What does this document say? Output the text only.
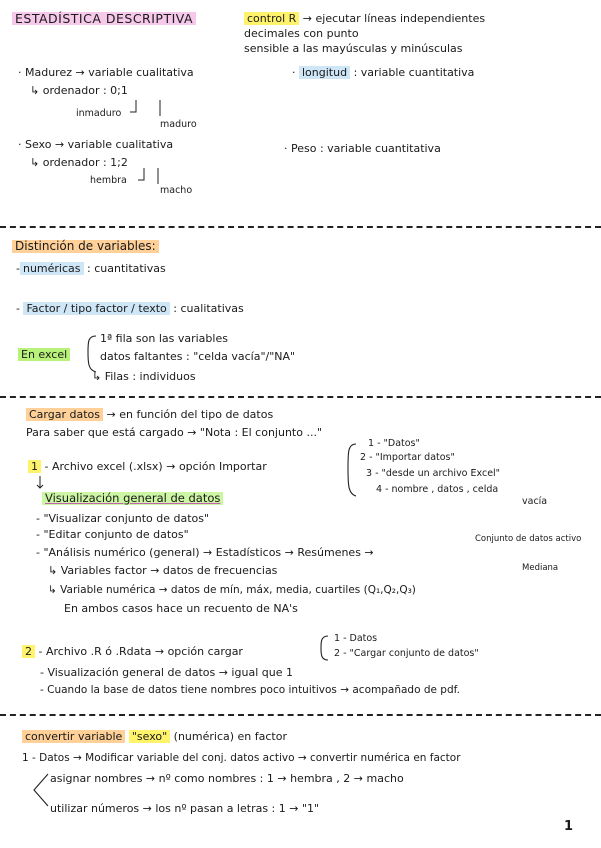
ESTADÍSTICA DESCRIPTIVA	control R → ejecutar líneas independientes
decimales con punto
sensible a las mayúsculas y minúsculas
· Madurez → variable cualitativa
↳ ordenador : 0;1
inmaduro
maduro
· longitud : variable cuantitativa
· Sexo → variable cualitativa
↳ ordenador : 1;2
hembra
macho
· Peso : variable cuantitativa
Distinción de variables:
- numéricas : cuantitativas
- Factor / tipo factor / texto : cualitativas
En excel
1ª fila son las variables
datos faltantes : "celda vacía"/"NA"
↳ Filas : individuos
Cargar datos → en función del tipo de datos
Para saber que está cargado → "Nota : El conjunto ..."
1 - Archivo excel (.xlsx) → opción Importar
1 - "Datos"
2 - "Importar datos"
3 - "desde un archivo Excel"
4 - nombre , datos , celda
vacía
Visualización general de datos
- "Visualizar conjunto de datos"
- "Editar conjunto de datos"
- "Análisis numérico (general) → Estadísticos → Resúmenes →
Conjunto de datos activo
↳ Variables factor → datos de frecuencias	Mediana
↳ Variable numérica → datos de mín, máx, media, cuartiles (Q₁,Q₂,Q₃)
En ambos casos hace un recuento de NA's
2 - Archivo .R ó .Rdata → opción cargar
1 - Datos
2 - "Cargar conjunto de datos"
- Visualización general de datos → igual que 1
- Cuando la base de datos tiene nombres poco intuitivos → acompañado de pdf.
convertir variable "sexo" (numérica) en factor
1 - Datos → Modificar variable del conj. datos activo → convertir numérica en factor
asignar nombres → nº como nombres : 1 → hembra , 2 → macho
utilizar números → los nº pasan a letras : 1 → "1"
1
